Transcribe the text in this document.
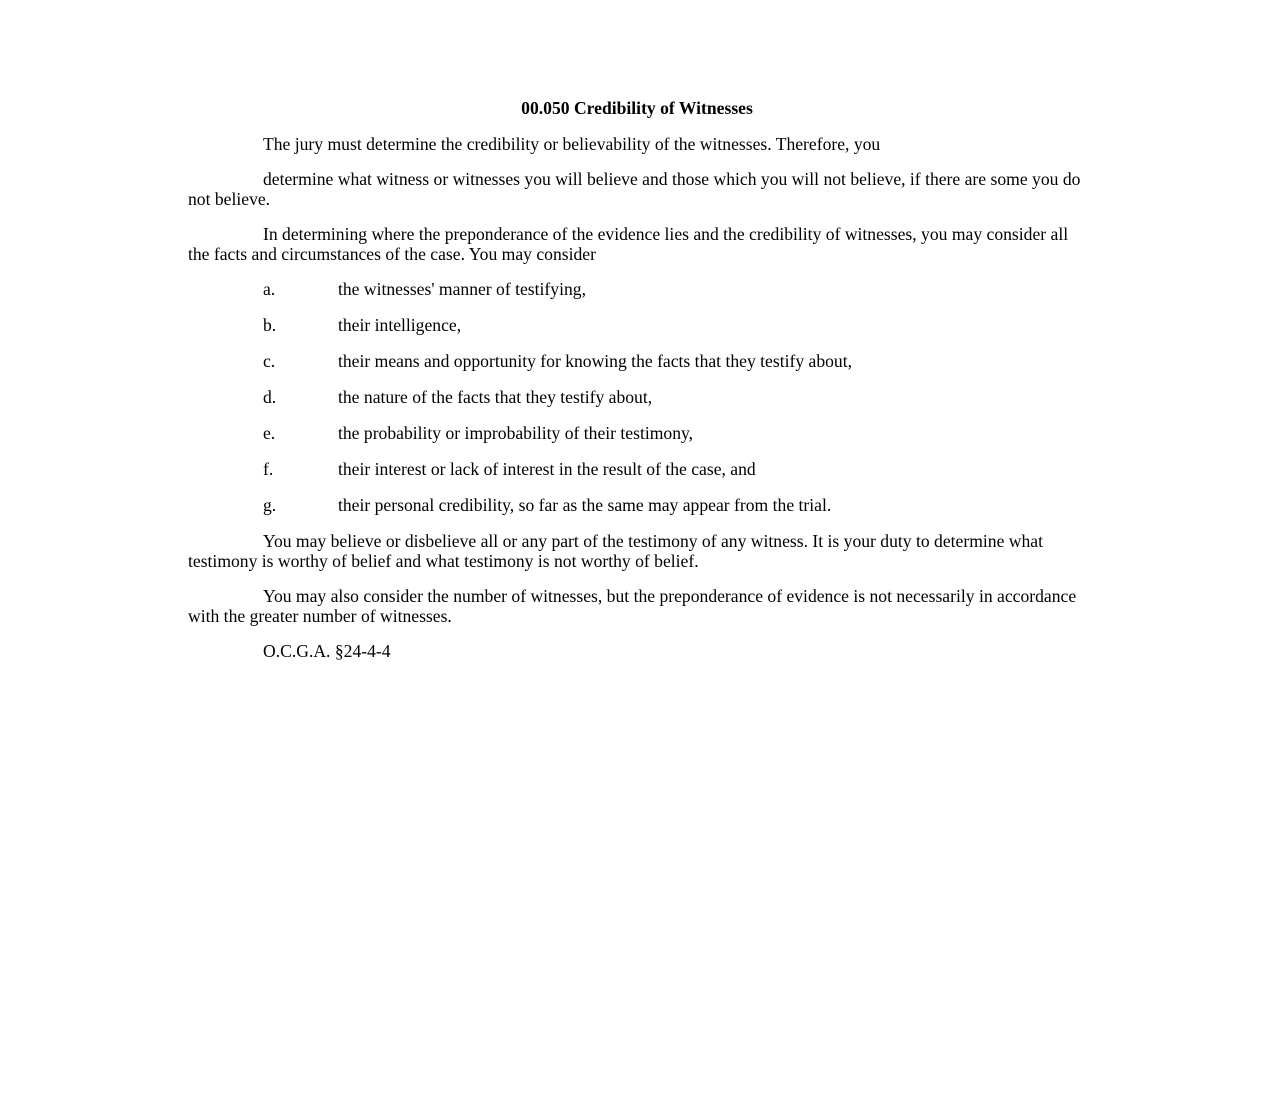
00.050 Credibility of Witnesses

The jury must determine the credibility or believability of the witnesses. Therefore, you

determine what witness or witnesses you will believe and those which you will not believe, if there are some you do not believe.

In determining where the preponderance of the evidence lies and the credibility of witnesses, you may consider all the facts and circumstances of the case. You may consider

a.	the witnesses' manner of testifying,
b.	their intelligence,
c.	their means and opportunity for knowing the facts that they testify about,
d.	the nature of the facts that they testify about,
e.	the probability or improbability of their testimony,
f.	their interest or lack of interest in the result of the case, and
g.	their personal credibility, so far as the same may appear from the trial.

You may believe or disbelieve all or any part of the testimony of any witness. It is your duty to determine what testimony is worthy of belief and what testimony is not worthy of belief.

You may also consider the number of witnesses, but the preponderance of evidence is not necessarily in accordance with the greater number of witnesses.

O.C.G.A. §24-4-4
